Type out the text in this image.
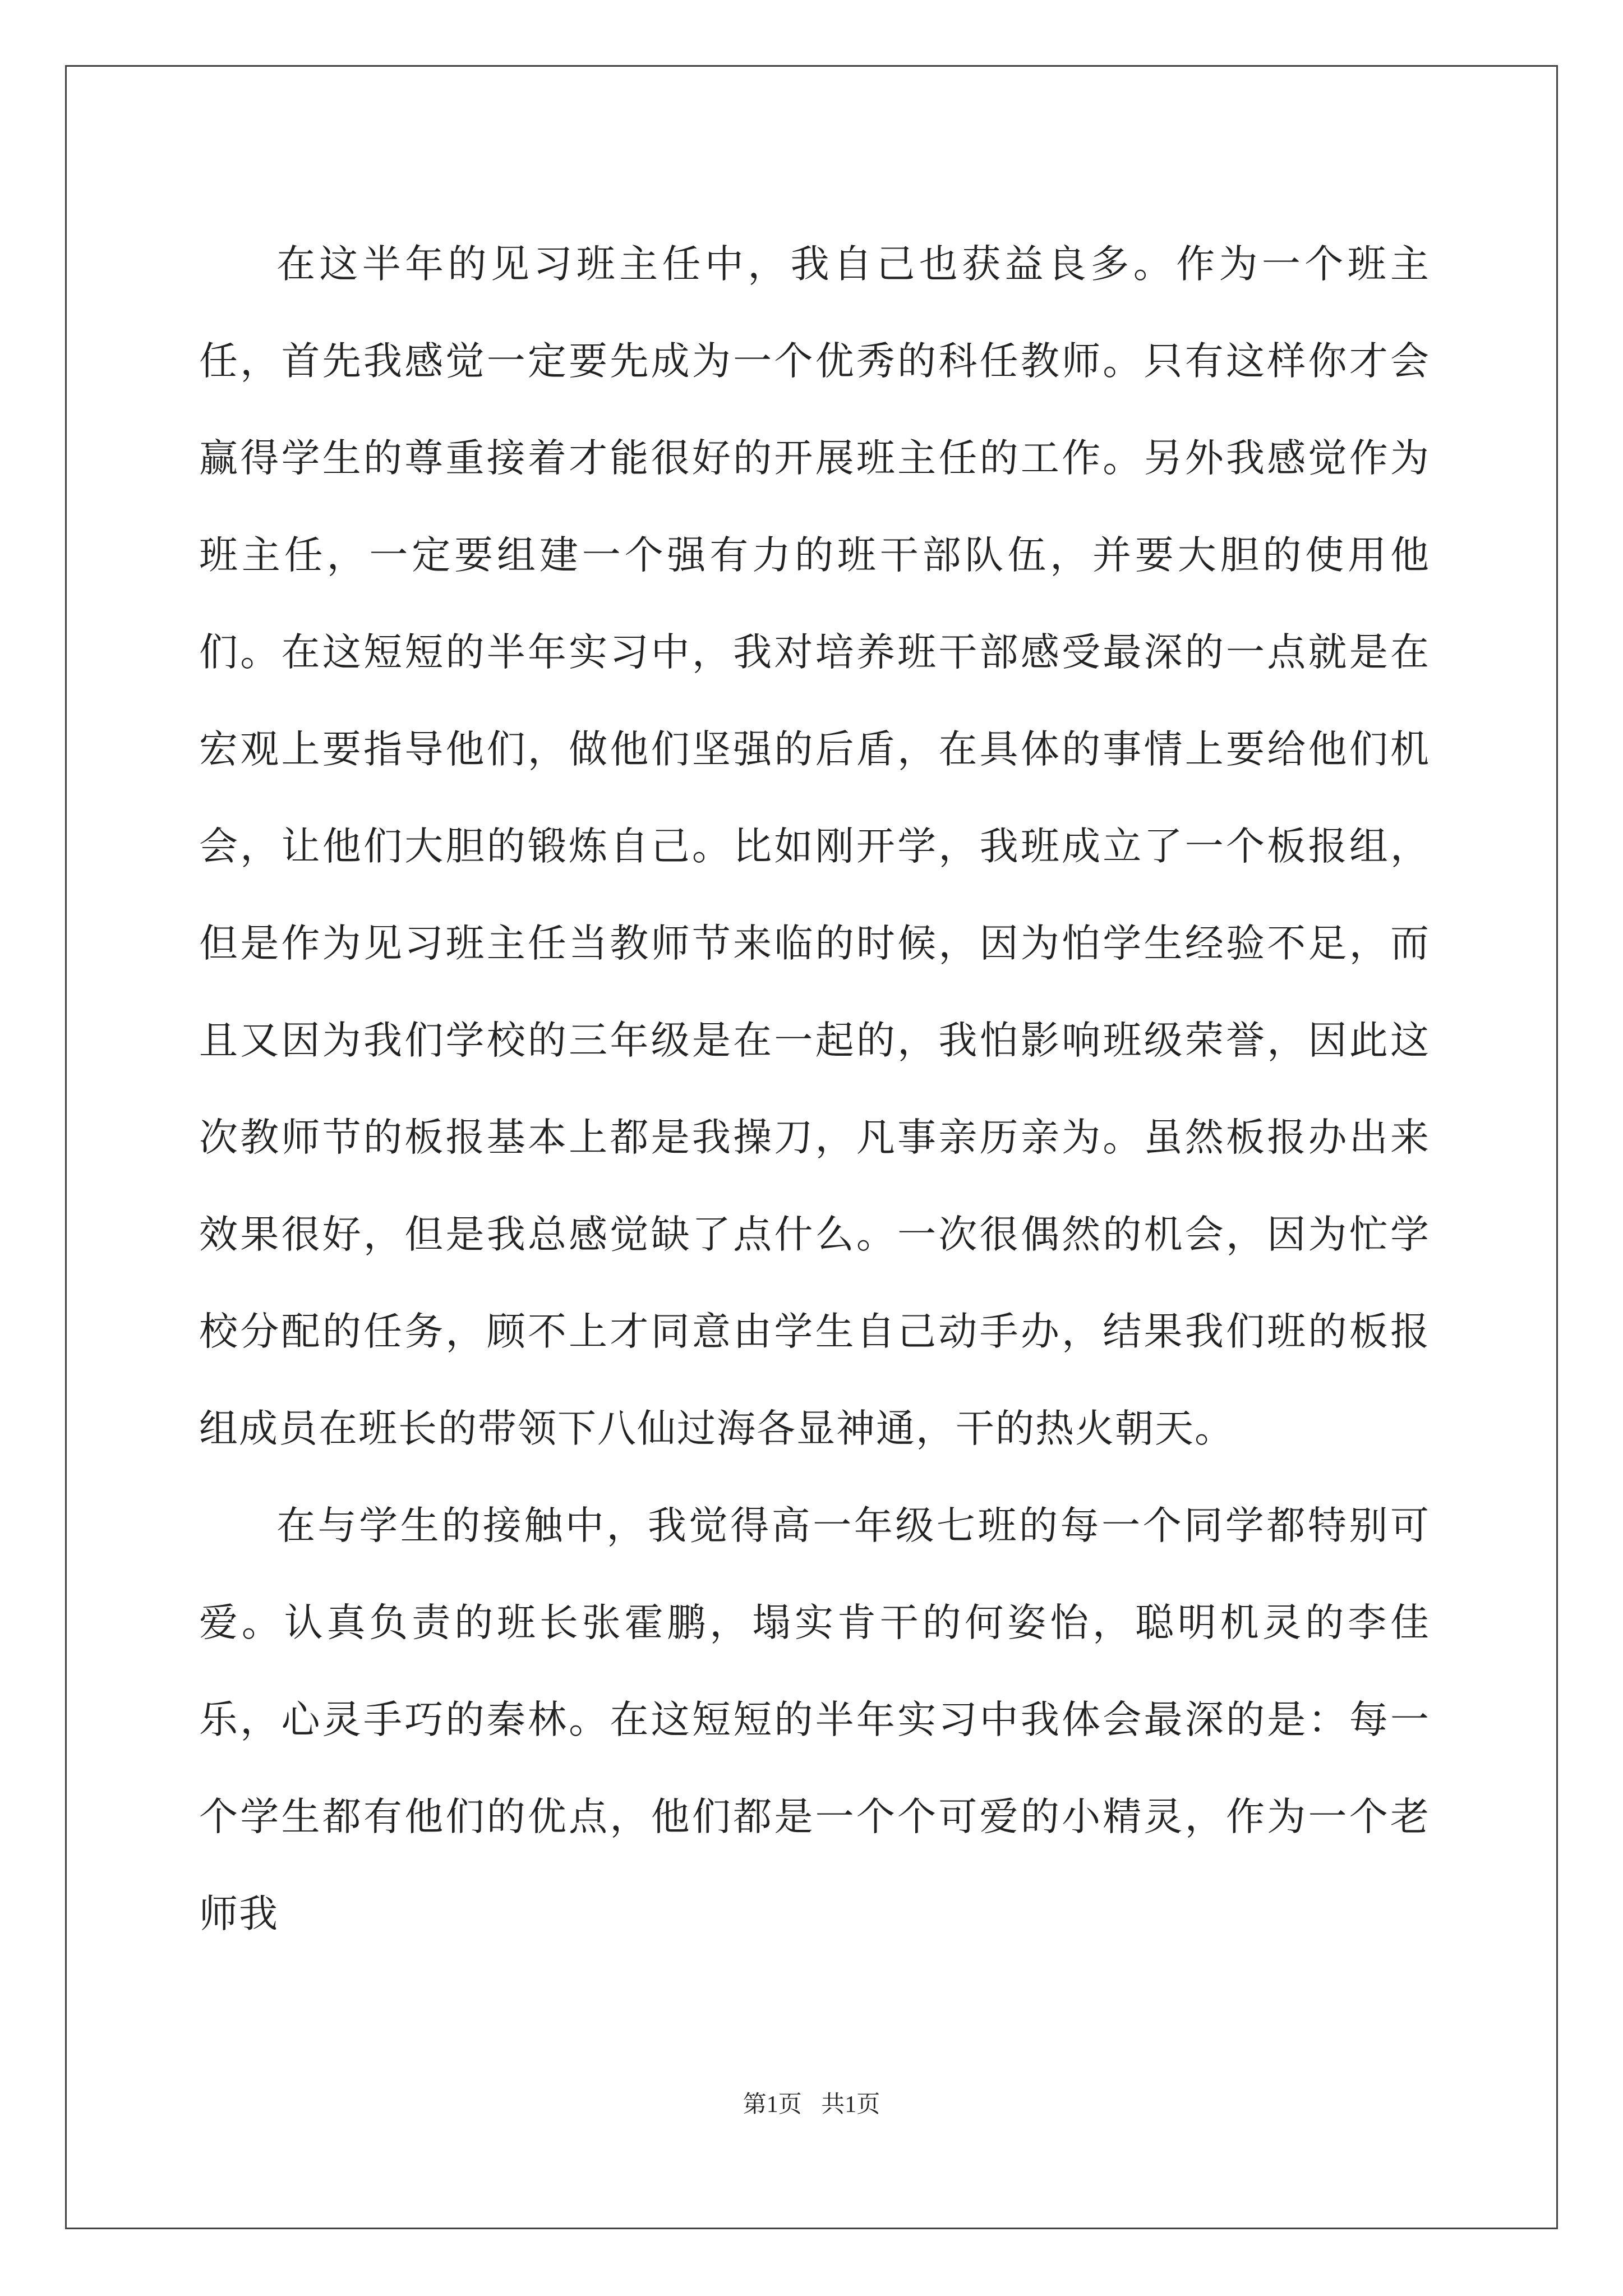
在这半年的见习班主任中，我自己也获益良多。作为一个班主任，首先我感觉一定要先成为一个优秀的科任教师。只有这样你才会赢得学生的尊重接着才能很好的开展班主任的工作。另外我感觉作为班主任，一定要组建一个强有力的班干部队伍，并要大胆的使用他们。在这短短的半年实习中，我对培养班干部感受最深的一点就是在宏观上要指导他们，做他们坚强的后盾，在具体的事情上要给他们机会，让他们大胆的锻炼自己。比如刚开学，我班成立了一个板报组，但是作为见习班主任当教师节来临的时候，因为怕学生经验不足，而且又因为我们学校的三年级是在一起的，我怕影响班级荣誉，因此这次教师节的板报基本上都是我操刀，凡事亲历亲为。虽然板报办出来效果很好，但是我总感觉缺了点什么。一次很偶然的机会，因为忙学校分配的任务，顾不上才同意由学生自己动手办，结果我们班的板报组成员在班长的带领下八仙过海各显神通，干的热火朝天。

在与学生的接触中，我觉得高一年级七班的每一个同学都特别可爱。认真负责的班长张霍鹏，塌实肯干的何姿怡，聪明机灵的李佳乐，心灵手巧的秦林。在这短短的半年实习中我体会最深的是：每一个学生都有他们的优点，他们都是一个个可爱的小精灵，作为一个老师我

第1页 共1页
